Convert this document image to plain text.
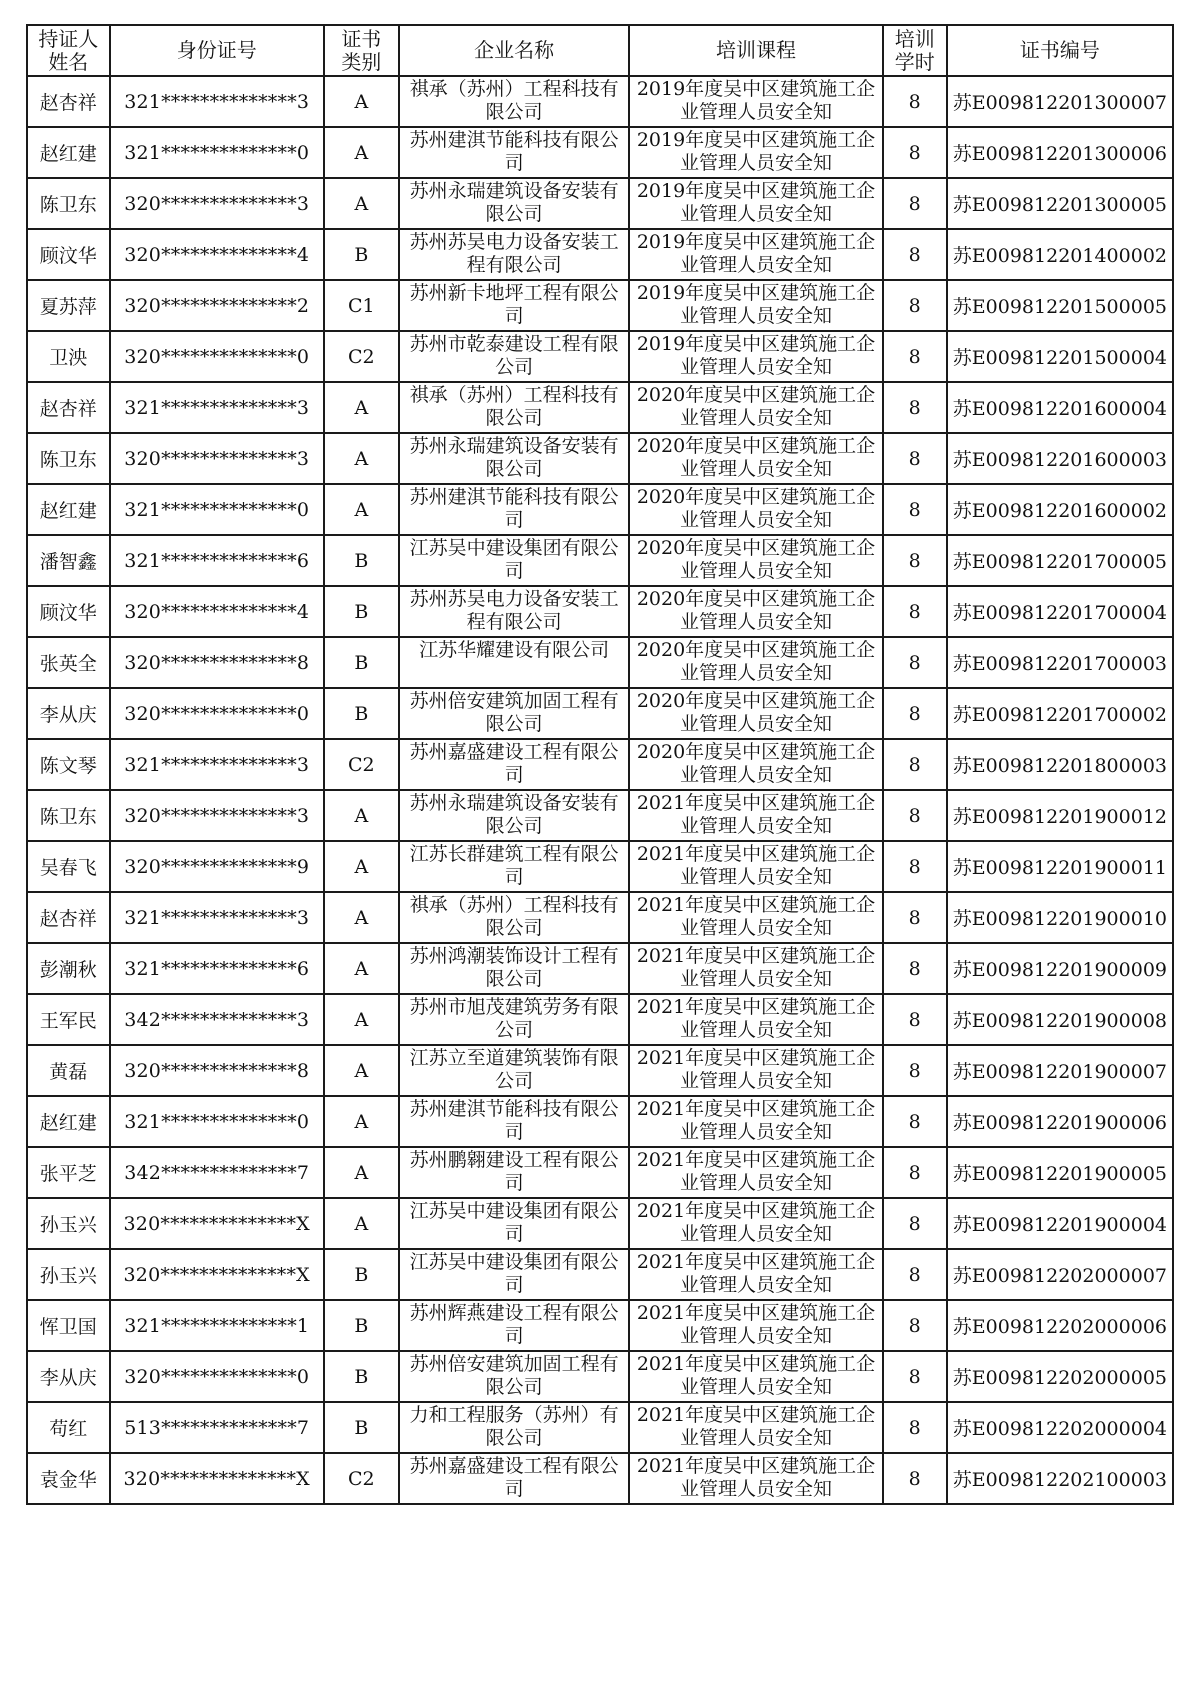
持证人姓名	身份证号	证书类别	企业名称	培训课程	培训学时	证书编号
赵杏祥	321**************3	A	祺承（苏州）工程科技有限公司	2019年度吴中区建筑施工企业管理人员安全知	8	苏E009812201300007
赵红建	321**************0	A	苏州建淇节能科技有限公司	2019年度吴中区建筑施工企业管理人员安全知	8	苏E009812201300006
陈卫东	320**************3	A	苏州永瑞建筑设备安装有限公司	2019年度吴中区建筑施工企业管理人员安全知	8	苏E009812201300005
顾汶华	320**************4	B	苏州苏吴电力设备安装工程有限公司	2019年度吴中区建筑施工企业管理人员安全知	8	苏E009812201400002
夏苏萍	320**************2	C1	苏州新卡地坪工程有限公司	2019年度吴中区建筑施工企业管理人员安全知	8	苏E009812201500005
卫泱	320**************0	C2	苏州市乾泰建设工程有限公司	2019年度吴中区建筑施工企业管理人员安全知	8	苏E009812201500004
赵杏祥	321**************3	A	祺承（苏州）工程科技有限公司	2020年度吴中区建筑施工企业管理人员安全知	8	苏E009812201600004
陈卫东	320**************3	A	苏州永瑞建筑设备安装有限公司	2020年度吴中区建筑施工企业管理人员安全知	8	苏E009812201600003
赵红建	321**************0	A	苏州建淇节能科技有限公司	2020年度吴中区建筑施工企业管理人员安全知	8	苏E009812201600002
潘智鑫	321**************6	B	江苏吴中建设集团有限公司	2020年度吴中区建筑施工企业管理人员安全知	8	苏E009812201700005
顾汶华	320**************4	B	苏州苏吴电力设备安装工程有限公司	2020年度吴中区建筑施工企业管理人员安全知	8	苏E009812201700004
张英全	320**************8	B	江苏华耀建设有限公司	2020年度吴中区建筑施工企业管理人员安全知	8	苏E009812201700003
李从庆	320**************0	B	苏州倍安建筑加固工程有限公司	2020年度吴中区建筑施工企业管理人员安全知	8	苏E009812201700002
陈文琴	321**************3	C2	苏州嘉盛建设工程有限公司	2020年度吴中区建筑施工企业管理人员安全知	8	苏E009812201800003
陈卫东	320**************3	A	苏州永瑞建筑设备安装有限公司	2021年度吴中区建筑施工企业管理人员安全知	8	苏E009812201900012
吴春飞	320**************9	A	江苏长群建筑工程有限公司	2021年度吴中区建筑施工企业管理人员安全知	8	苏E009812201900011
赵杏祥	321**************3	A	祺承（苏州）工程科技有限公司	2021年度吴中区建筑施工企业管理人员安全知	8	苏E009812201900010
彭潮秋	321**************6	A	苏州鸿潮装饰设计工程有限公司	2021年度吴中区建筑施工企业管理人员安全知	8	苏E009812201900009
王军民	342**************3	A	苏州市旭茂建筑劳务有限公司	2021年度吴中区建筑施工企业管理人员安全知	8	苏E009812201900008
黄磊	320**************8	A	江苏立至道建筑装饰有限公司	2021年度吴中区建筑施工企业管理人员安全知	8	苏E009812201900007
赵红建	321**************0	A	苏州建淇节能科技有限公司	2021年度吴中区建筑施工企业管理人员安全知	8	苏E009812201900006
张平芝	342**************7	A	苏州鹏翱建设工程有限公司	2021年度吴中区建筑施工企业管理人员安全知	8	苏E009812201900005
孙玉兴	320**************X	A	江苏吴中建设集团有限公司	2021年度吴中区建筑施工企业管理人员安全知	8	苏E009812201900004
孙玉兴	320**************X	B	江苏吴中建设集团有限公司	2021年度吴中区建筑施工企业管理人员安全知	8	苏E009812202000007
恽卫国	321**************1	B	苏州辉燕建设工程有限公司	2021年度吴中区建筑施工企业管理人员安全知	8	苏E009812202000006
李从庆	320**************0	B	苏州倍安建筑加固工程有限公司	2021年度吴中区建筑施工企业管理人员安全知	8	苏E009812202000005
苟红	513**************7	B	力和工程服务（苏州）有限公司	2021年度吴中区建筑施工企业管理人员安全知	8	苏E009812202000004
袁金华	320**************X	C2	苏州嘉盛建设工程有限公司	2021年度吴中区建筑施工企业管理人员安全知	8	苏E009812202100003
